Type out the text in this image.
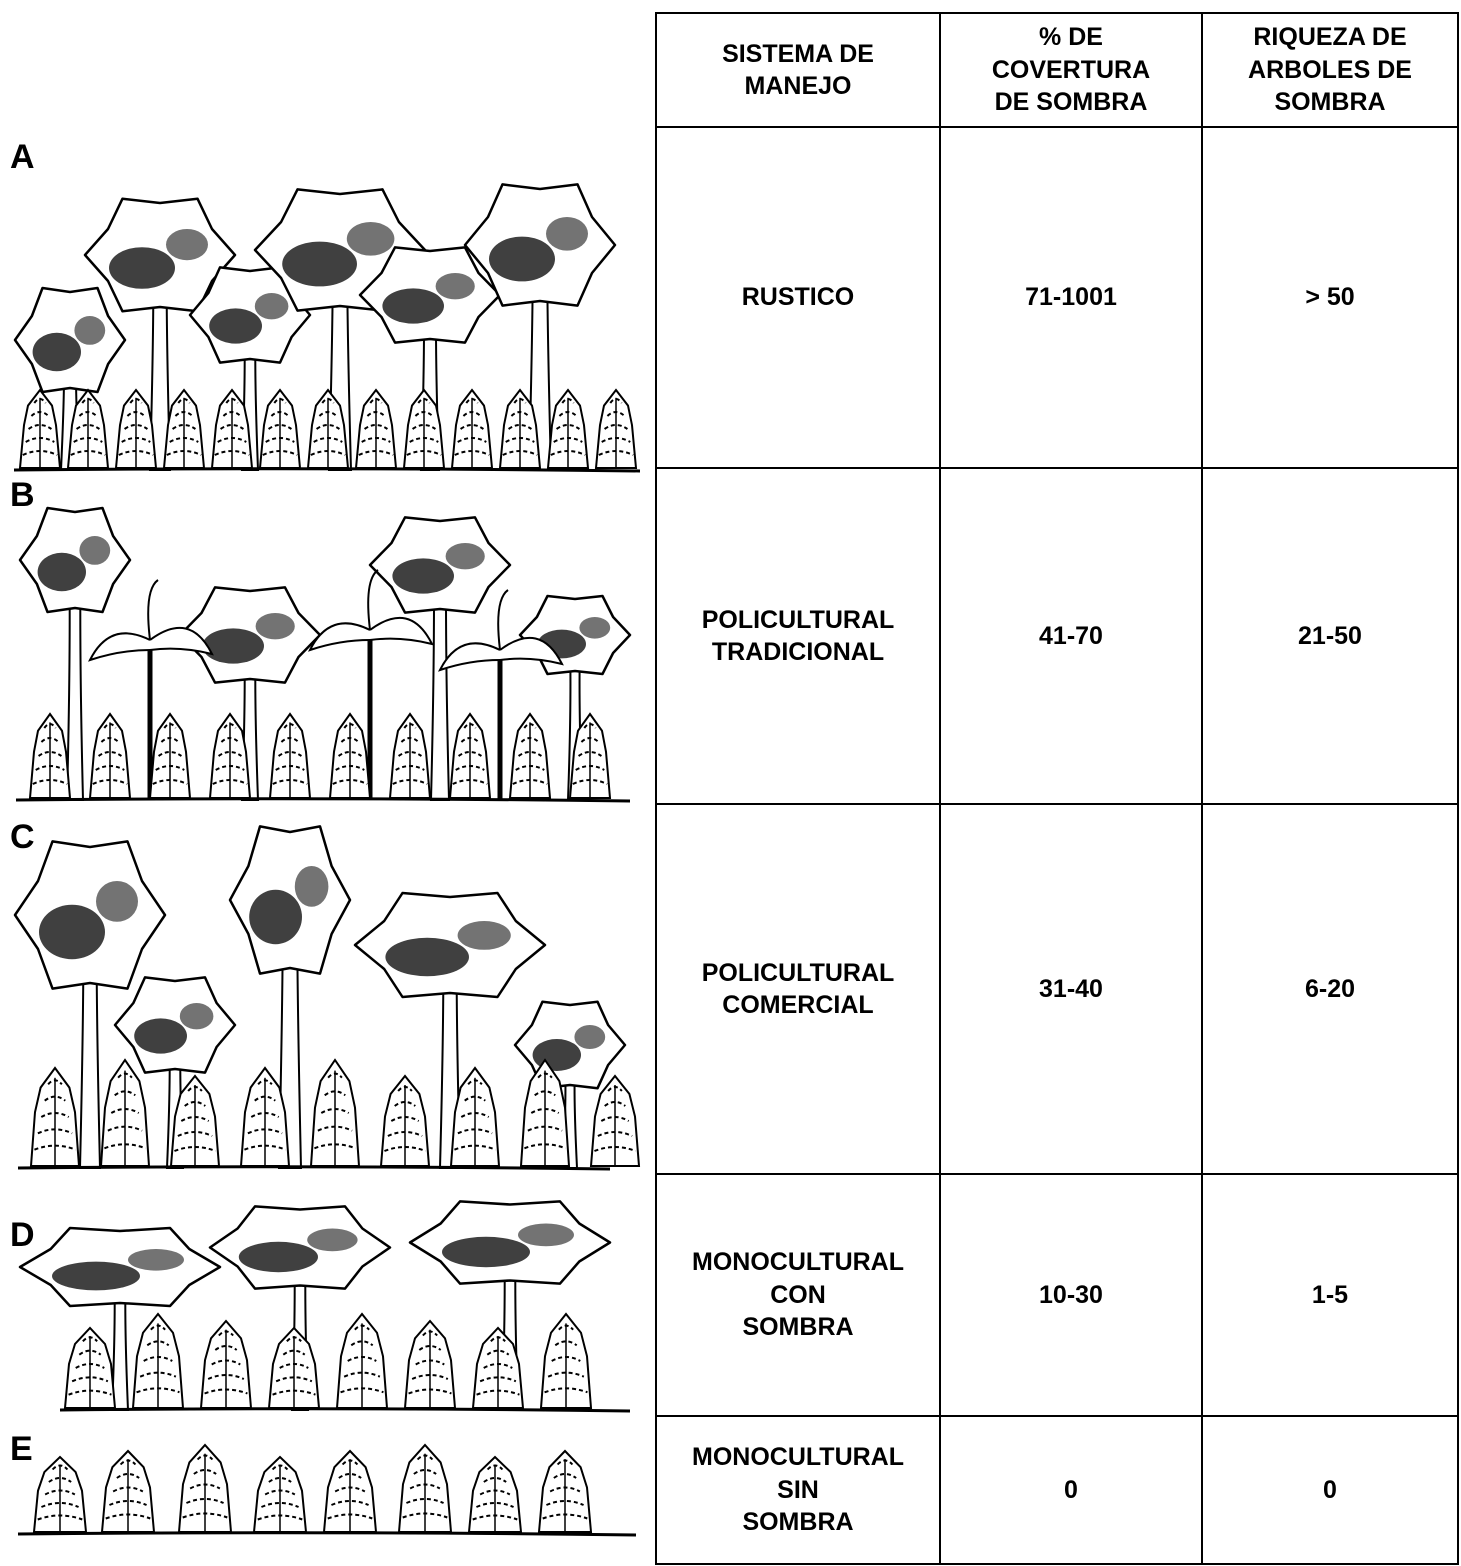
A
B
C
D
E
SISTEMA DE
MANEJO	% DE
COVERTURA
DE SOMBRA	RIQUEZA DE
ARBOLES DE
SOMBRA
RUSTICO	71-1001	> 50
POLICULTURAL
TRADICIONAL	41-70	21-50
POLICULTURAL
COMERCIAL	31-40	6-20
MONOCULTURAL
CON
SOMBRA	10-30	1-5
MONOCULTURAL
SIN
SOMBRA	0	0
